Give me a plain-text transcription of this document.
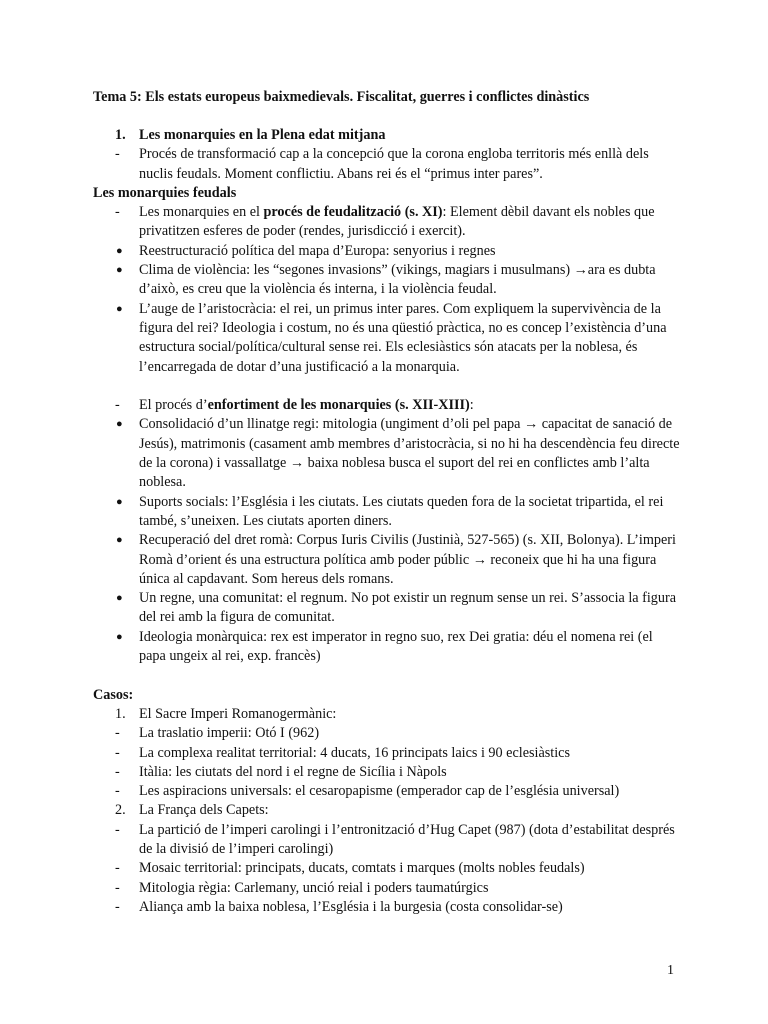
Tema 5: Els estats europeus baixmedievals. Fiscalitat, guerres i conflictes dinàstics
1. Les monarquies en la Plena edat mitjana
- Procés de transformació cap a la concepció que la corona engloba territoris més enllà dels nuclis feudals. Moment conflictiu. Abans rei és el “primus inter pares”.
Les monarquies feudals
- Les monarquies en el procés de feudalització (s. XI): Element dèbil davant els nobles que privatitzen esferes de poder (rendes, jurisdicció i exercit).
● Reestructuració política del mapa d’Europa: senyorius i regnes
● Clima de violència: les “segones invasions” (vikings, magiars i musulmans) →ara es dubta d’això, es creu que la violència és interna, i la violència feudal.
● L’auge de l’aristocràcia: el rei, un primus inter pares. Com expliquem la supervivència de la figura del rei? Ideologia i costum, no és una qüestió pràctica, no es concep l’existència d’una estructura social/política/cultural sense rei. Els eclesiàstics són atacats per la noblesa, és l’encarregada de dotar d’una justificació a la monarquia.
- El procés d’enfortiment de les monarquies (s. XII-XIII):
● Consolidació d’un llinatge regi: mitologia (ungiment d’oli pel papa → capacitat de sanació de Jesús), matrimonis (casament amb membres d’aristocràcia, si no hi ha descendència feu directe de la corona) i vassallatge → baixa noblesa busca el suport del rei en conflictes amb l’alta noblesa.
● Suports socials: l’Església i les ciutats. Les ciutats queden fora de la societat tripartida, el rei també, s’uneixen. Les ciutats aporten diners.
● Recuperació del dret romà: Corpus Iuris Civilis (Justinià, 527-565) (s. XII, Bolonya). L’imperi Romà d’orient és una estructura política amb poder públic → reconeix que hi ha una figura única al capdavant. Som hereus dels romans.
● Un regne, una comunitat: el regnum. No pot existir un regnum sense un rei. S’associa la figura del rei amb la figura de comunitat.
● Ideologia monàrquica: rex est imperator in regno suo, rex Dei gratia: déu el nomena rei (el papa ungeix al rei, exp. francès)
Casos:
1. El Sacre Imperi Romanogermànic:
- La traslatio imperii: Otó I (962)
- La complexa realitat territorial: 4 ducats, 16 principats laics i 90 eclesiàstics
- Itàlia: les ciutats del nord i el regne de Sicília i Nàpols
- Les aspiracions universals: el cesaropapisme (emperador cap de l’església universal)
2. La França dels Capets:
- La partició de l’imperi carolingi i l’entronització d’Hug Capet (987) (dota d’estabilitat després de la divisió de l’imperi carolingi)
- Mosaic territorial: principats, ducats, comtats i marques (molts nobles feudals)
- Mitologia règia: Carlemany, unció reial i poders taumatúrgics
- Aliança amb la baixa noblesa, l’Església i la burgesia (costa consolidar-se)
1
